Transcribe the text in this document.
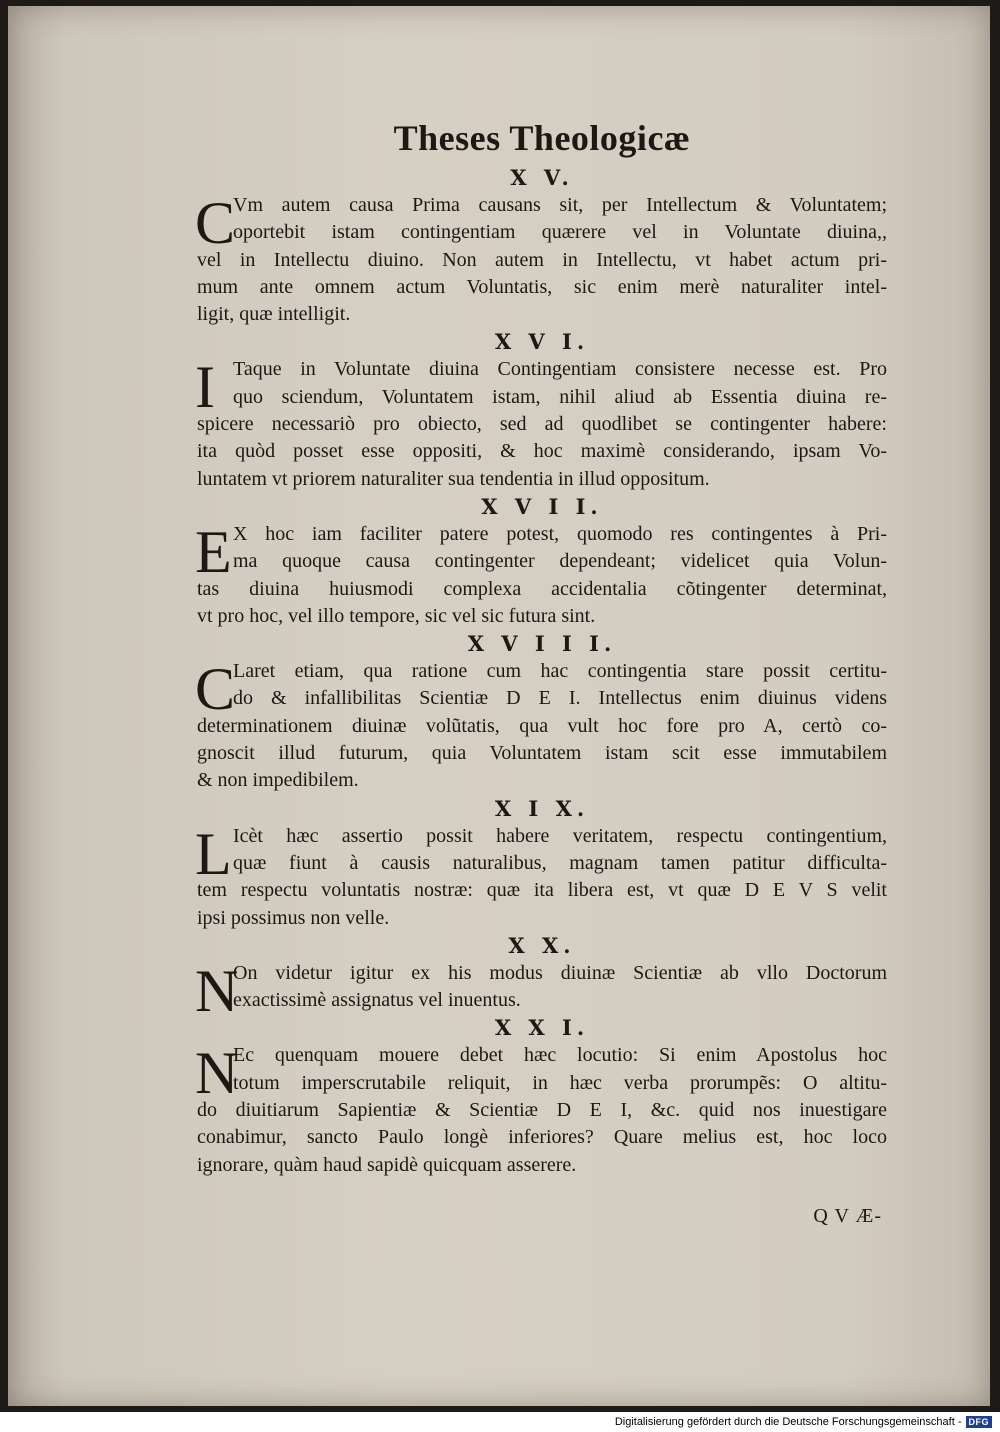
Theses Theologicæ
X V.
C
Vm autem causa Prima causans sit, per Intellectum & Voluntatem;
oportebit istam contingentiam quærere vel in Voluntate diuina,,
vel in Intellectu diuino. Non autem in Intellectu, vt habet actum pri-
mum ante omnem actum Voluntatis, sic enim merè naturaliter intel-
ligit, quæ intelligit.
X V I.
I Taque in Voluntate diuina Contingentiam consistere necesse est. Pro
quo sciendum, Voluntatem istam, nihil aliud ab Essentia diuina re-
spicere necessariò pro obiecto, sed ad quodlibet se contingenter habere:
ita quòd posset esse oppositi, & hoc maximè considerando, ipsam Vo-
luntatem vt priorem naturaliter sua tendentia in illud oppositum.
X V I I.
E X hoc iam faciliter patere potest, quomodo res contingentes à Pri-
ma quoque causa contingenter dependeant; videlicet quia Volun-
tas diuina huiusmodi complexa accidentalia cõtingenter determinat,
vt pro hoc, vel illo tempore, sic vel sic futura sint.
X V I I I.
C
Laret etiam, qua ratione cum hac contingentia stare possit certitu-
do & infallibilitas Scientiæ D E I. Intellectus enim diuinus videns
determinationem diuinæ volũtatis, qua vult hoc fore pro A, certò co-
gnoscit illud futurum, quia Voluntatem istam scit esse immutabilem
& non impedibilem.
X I X.
L Icèt hæc assertio possit habere veritatem, respectu contingentium,
quæ fiunt à causis naturalibus, magnam tamen patitur difficulta-
tem respectu voluntatis nostræ: quæ ita libera est, vt quæ D E V S velit
ipsi possimus non velle.
X X.
N
On videtur igitur ex his modus diuinæ Scientiæ ab vllo Doctorum
exactissimè assignatus vel inuentus.
X X I.
N
Ec quenquam mouere debet hæc locutio: Si enim Apostolus hoc
totum imperscrutabile reliquit, in hæc verba prorumpẽs: O altitu-
do diuitiarum Sapientiæ & Scientiæ D E I, &c. quid nos inuestigare
conabimur, sancto Paulo longè inferiores? Quare melius est, hoc loco
ignorare, quàm haud sapidè quicquam asserere.
Q V Æ-
Digitalisierung gefördert durch die Deutsche Forschungsgemeinschaft - DFG
